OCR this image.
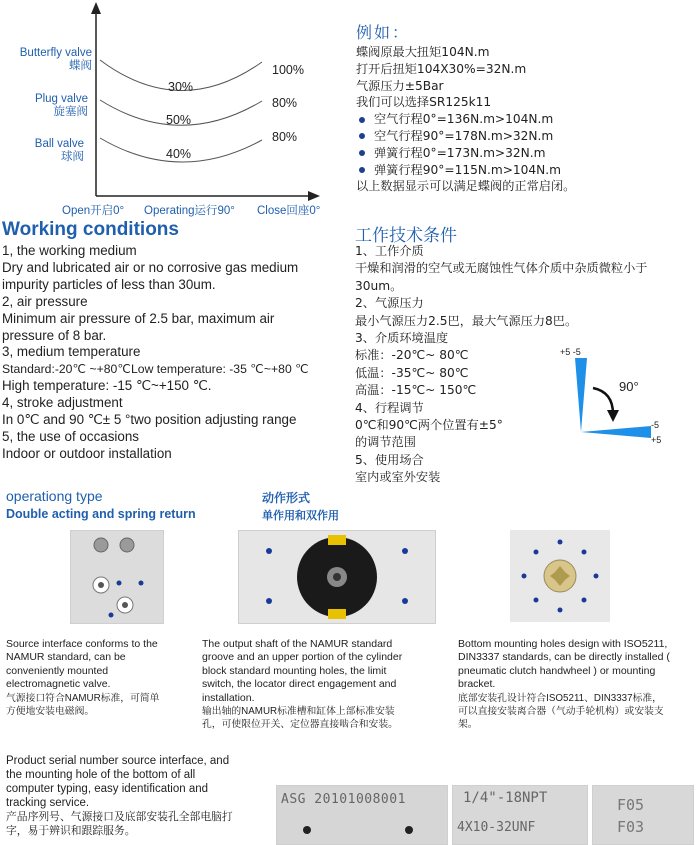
Butterfly valve
蝶阀
Plug valve
旋塞阀
Ball valve
球阀
30%
50%
40%
100%
80%
80%
Open开启0° Operating运行90° Close回座0°
例如：
蝶阀原最大扭矩104N.m
打开后扭矩104X30%=32N.m
气源压力±5Bar
我们可以选择SR125k11
空气行程0°=136N.m>104N.m
空气行程90°=178N.m>32N.m
弹簧行程0°=173N.m>32N.m
弹簧行程90°=115N.m>104N.m
以上数据显示可以满足蝶阀的正常启闭。
Working conditions
1, the working medium
Dry and lubricated air or no corrosive gas medium
impurity particles of less than 30um.
2, air pressure
Minimum air pressure of 2.5 bar, maximum air
pressure of 8 bar.
3, medium temperature
Standard:-20℃ ~+80℃Low temperature: -35 ℃~+80 ℃
High temperature: -15 ℃~+150 ℃.
4, stroke adjustment
In 0℃ and 90 ℃± 5 °two position adjusting range
5, the use of occasions
Indoor or outdoor installation
工作技术条件
1、工作介质
干燥和润滑的空气或无腐蚀性气体介质中杂质微粒小于
30um。
2、气源压力
最小气源压力2.5巴，最大气源压力8巴。
3、介质环境温度
标准：-20℃~ 80℃
低温：-35℃~ 80℃
高温：-15℃~ 150℃
4、行程调节
0℃和90℃两个位置有±5°
的调节范围
5、使用场合
室内或室外安装
+5 -5
90°
-5
+5
operationg type
Double acting and spring return
动作形式
单作用和双作用
Source interface conforms to the
NAMUR standard, can be
conveniently mounted
electromagnetic valve.
气源接口符合NAMUR标准，可简单
方便地安装电磁阀。
The output shaft of the NAMUR standard
groove and an upper portion of the cylinder
block standard mounting holes, the limit
switch, the locator direct engagement and
installation.
输出轴的NAMUR标准槽和缸体上部标准安装
孔，可使限位开关、定位器直接啮合和安装。
Bottom mounting holes design with ISO5211,
DIN3337 standards, can be directly installed (
pneumatic clutch handwheel ) or mounting
bracket.
底部安装孔设计符合ISO5211、DIN3337标准，
可以直接安装离合器（气动手轮机构）或安装支
架。
Product serial number source interface, and
the mounting hole of the bottom of all
computer typing, easy identification and
tracking service.
产品序列号、气源接口及底部安装孔全部电脑打
字，易于辨识和跟踪服务。
ASG 20101008001	1/4"-18NPT
4X10-32UNF
F05
F03
